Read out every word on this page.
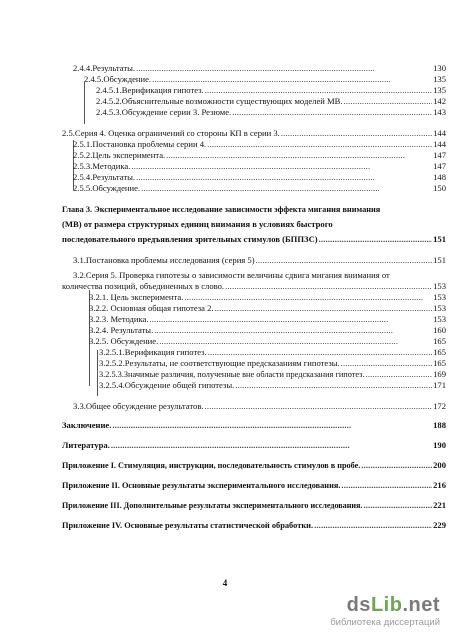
2.4.4.Результаты. . . .	130
2.4.5.Обсуждение. . . .	135
2.4.5.1.Верификация гипотез. . . .	135
2.4.5.2.Объяснительные возможности существующих моделей МВ. . . .	142
2.4.5.3.Обсуждение серии 3. Резюме. . . .	143
2.5.Серия 4. Оценка ограничений со стороны КП в серии 3. . . .	144
2.5.1.Постановка проблемы серии 4. . . .	144
2.5.2.Цель эксперимента. . . .	147
2.5.3.Методика. . . .	147
2.5.4.Результаты. . . .	148
2.5.5.Обсуждение. . . .	150
Глава 3. Экспериментальное исследование зависимости эффекта мигания внимания
(МВ) от размера структурных единиц внимания в условиях быстрого
последовательного предъявления зрительных стимулов (БППЗС) . . .	151
3.1.Постановка проблемы исследования (серия 5) . . .	151
3.2.Серия 5. Проверка гипотезы о зависимости величины сдвига мигания внимания от
количества позиций, объединенных в слово. . . .	153
3.2.1. Цель эксперимента. . . .	153
3.2.2. Основная общая гипотеза 2. . . .	153
3.2.3. Методика. . . .	153
3.2.4. Результаты. . . .	160
3.2.5. Обсуждение. . . .	165
3.2.5.1.Верификация гипотез. . . .	165
3.2.5.2.Результаты, не соответствующие предсказаниям гипотезы. . . .	165
3.2.5.3.Значимые различия, полученные вне области предсказания гипотез. . . .	169
3.2.5.4.Обсуждение общей гипотезы. . . .	171
3.3.Общее обсуждение результатов. . . .	172
Заключение. . . .	188
Литература. . . .	190
Приложение I. Стимуляция, инструкции, последовательность стимулов в пробе. . . .	200
Приложение II. Основные результаты экспериментального исследования. . . .	216
Приложение III. Дополнительные результаты экспериментального исследования. . . .	221
Приложение IV. Основные результаты статистической обработки. . . .	229
4
dsLib.net
библиотека диссертаций
